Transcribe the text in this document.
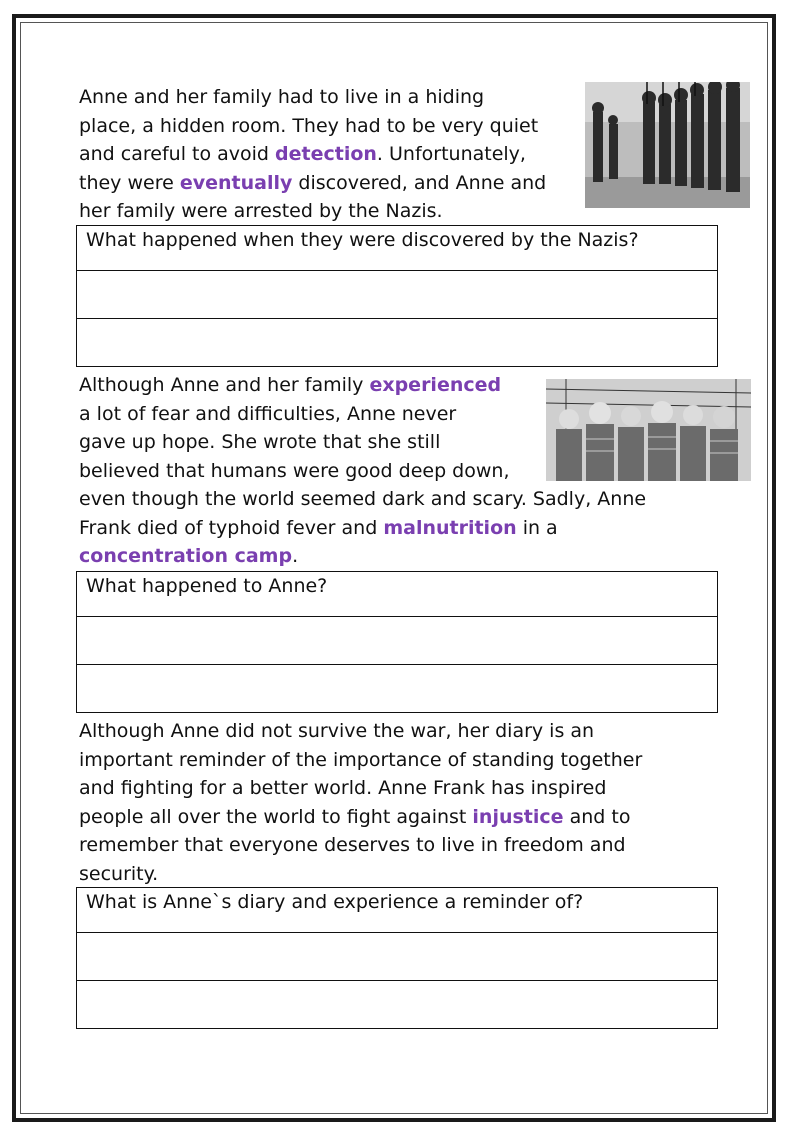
Anne and her family had to live in a hiding
place, a hidden room. They had to be very quiet
and careful to avoid detection. Unfortunately,
they were eventually discovered, and Anne and
her family were arrested by the Nazis.
What happened when they were discovered by the Nazis?

Although Anne and her family experienced
a lot of fear and difficulties, Anne never
gave up hope. She wrote that she still
believed that humans were good deep down,
even though the world seemed dark and scary. Sadly, Anne
Frank died of typhoid fever and malnutrition in a
concentration camp.
What happened to Anne?

Although Anne did not survive the war, her diary is an
important reminder of the importance of standing together
and fighting for a better world. Anne Frank has inspired
people all over the world to fight against injustice and to
remember that everyone deserves to live in freedom and
security.
What is Anne`s diary and experience a reminder of?
